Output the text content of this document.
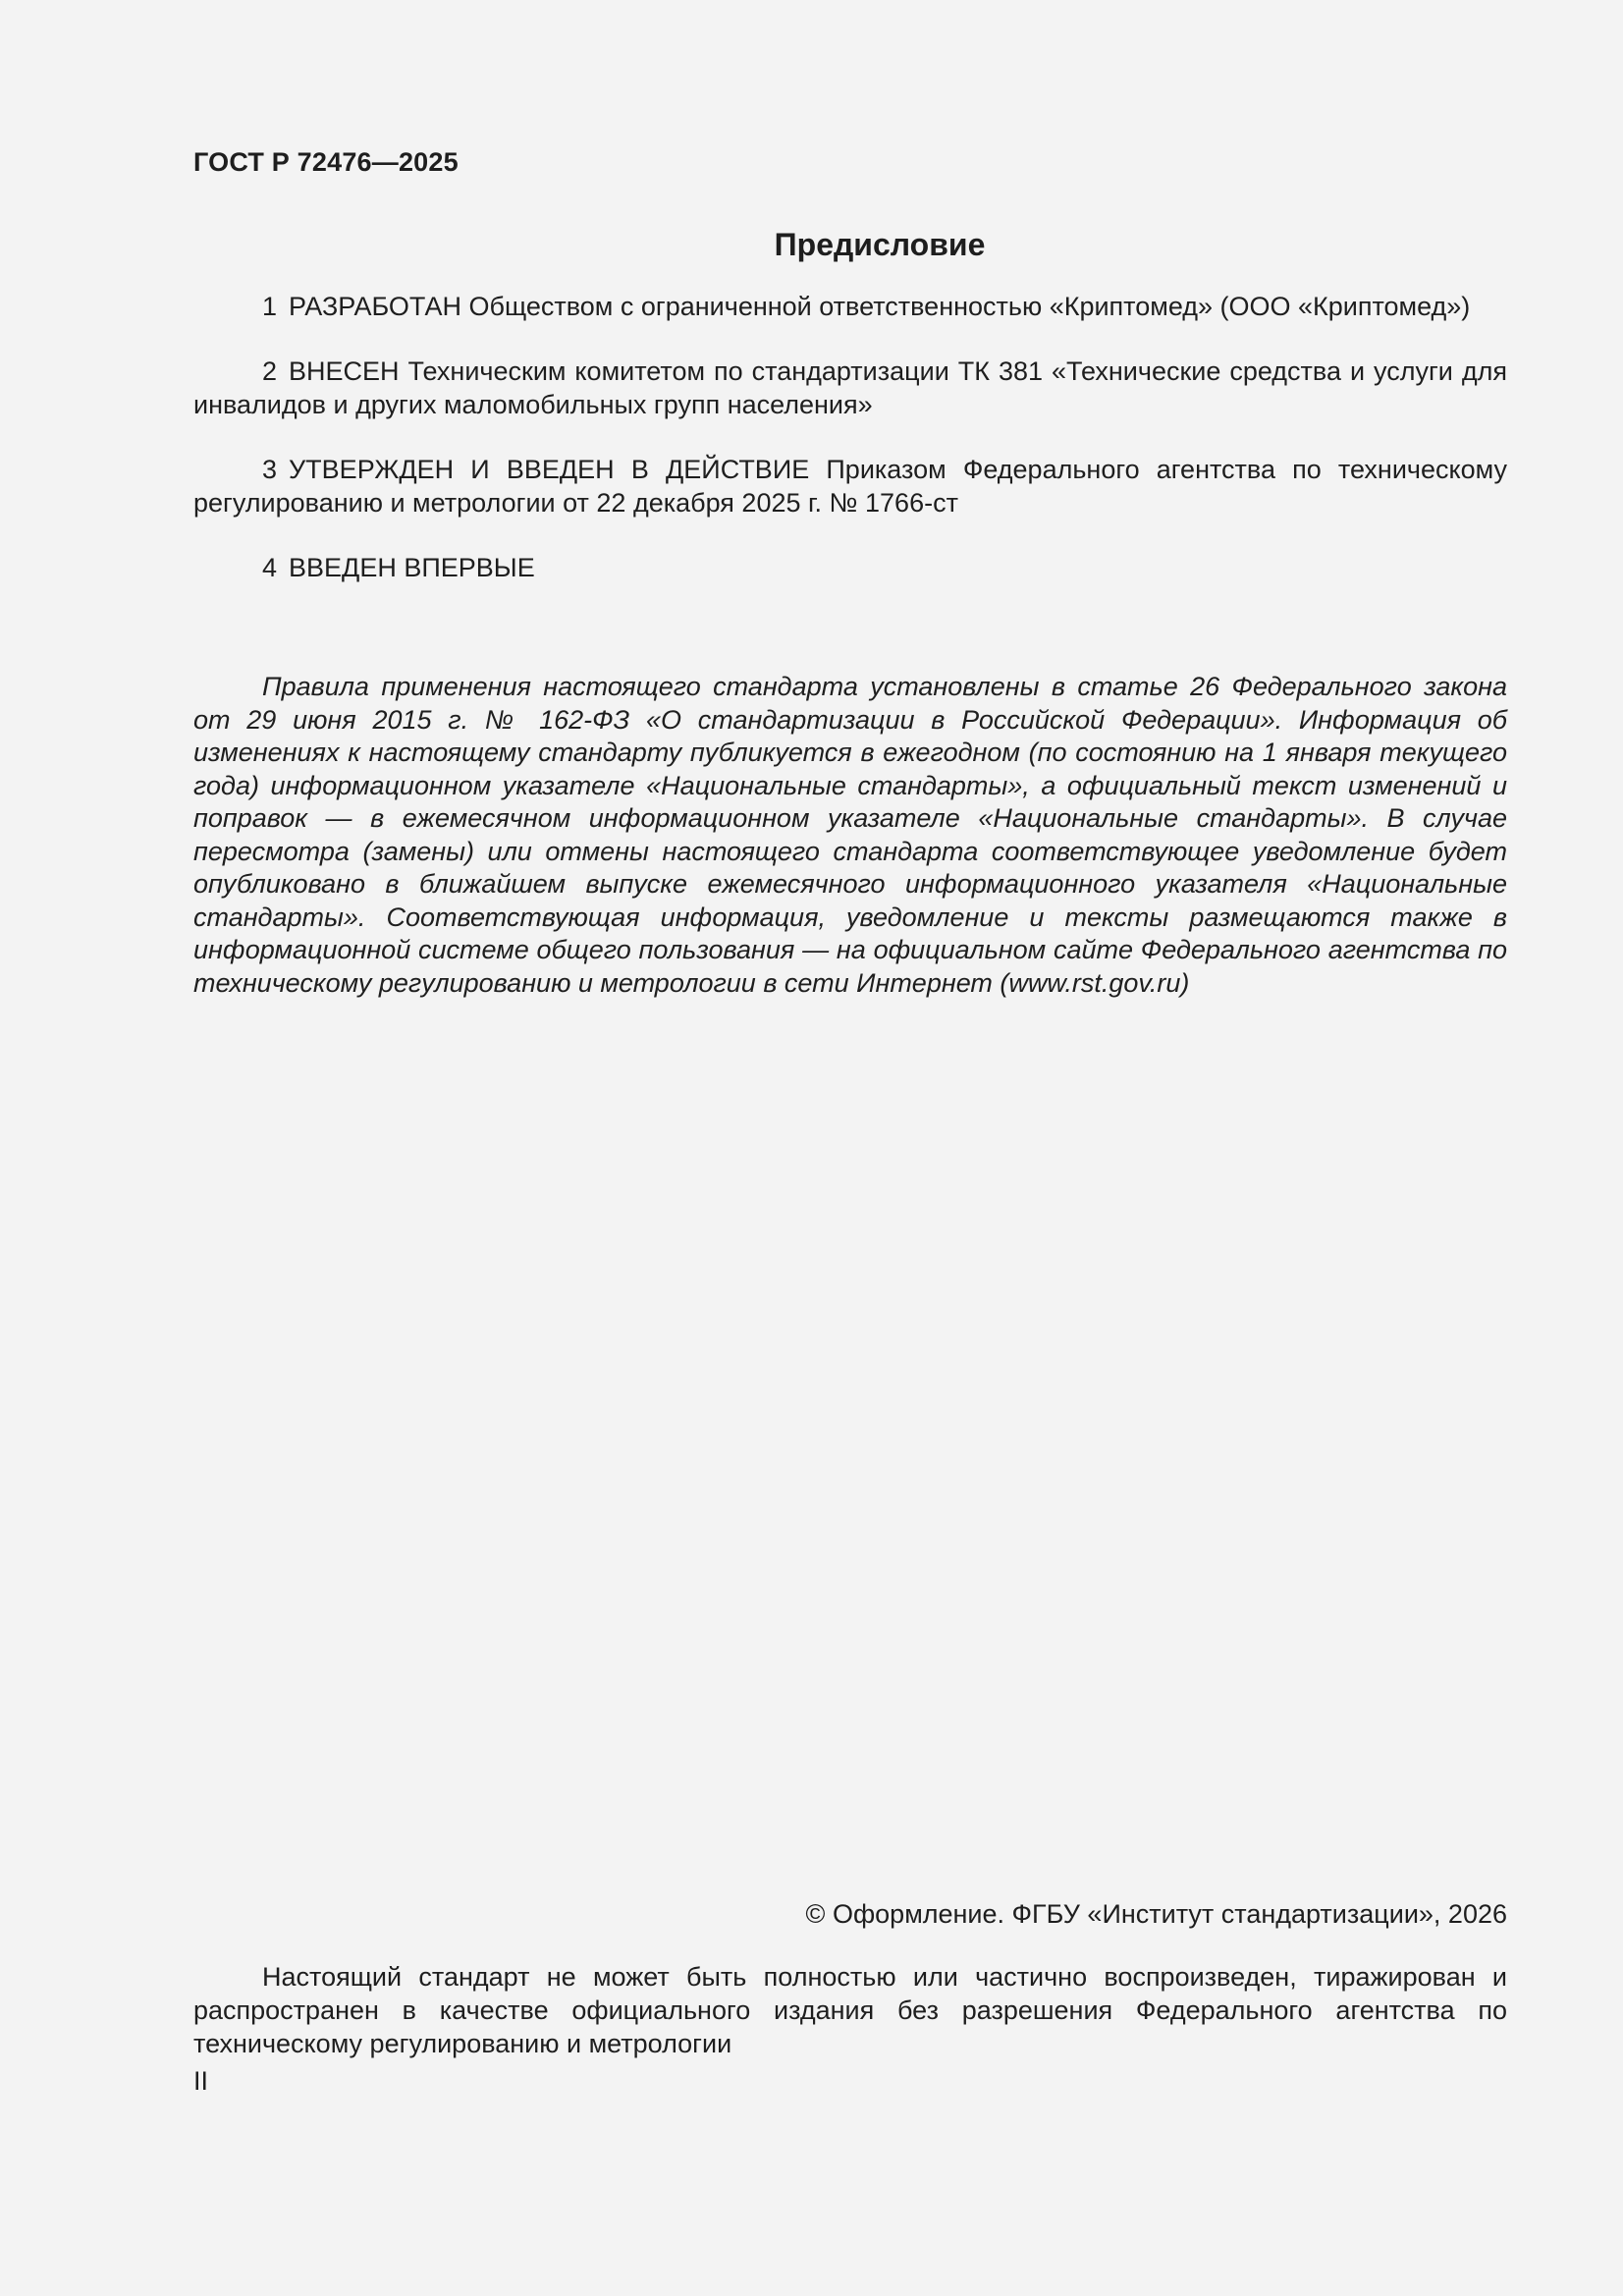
ГОСТ Р 72476—2025
Предисловие

1 РАЗРАБОТАН Обществом с ограниченной ответственностью «Криптомед» (ООО «Криптомед»)

2 ВНЕСЕН Техническим комитетом по стандартизации ТК 381 «Технические средства и услуги для инвалидов и других маломобильных групп населения»

3 УТВЕРЖДЕН И ВВЕДЕН В ДЕЙСТВИЕ Приказом Федерального агентства по техническому регулированию и метрологии от 22 декабря 2025 г. № 1766-ст

4 ВВЕДЕН ВПЕРВЫЕ

Правила применения настоящего стандарта установлены в статье 26 Федерального закона от 29 июня 2015 г. № 162-ФЗ «О стандартизации в Российской Федерации». Информация об изменениях к настоящему стандарту публикуется в ежегодном (по состоянию на 1 января текущего года) информационном указателе «Национальные стандарты», а официальный текст изменений и поправок — в ежемесячном информационном указателе «Национальные стандарты». В случае пересмотра (замены) или отмены настоящего стандарта соответствующее уведомление будет опубликовано в ближайшем выпуске ежемесячного информационного указателя «Национальные стандарты». Соответствующая информация, уведомление и тексты размещаются также в информационной системе общего пользования — на официальном сайте Федерального агентства по техническому регулированию и метрологии в сети Интернет (www.rst.gov.ru)

© Оформление. ФГБУ «Институт стандартизации», 2026

Настоящий стандарт не может быть полностью или частично воспроизведен, тиражирован и распространен в качестве официального издания без разрешения Федерального агентства по техническому регулированию и метрологии

II
